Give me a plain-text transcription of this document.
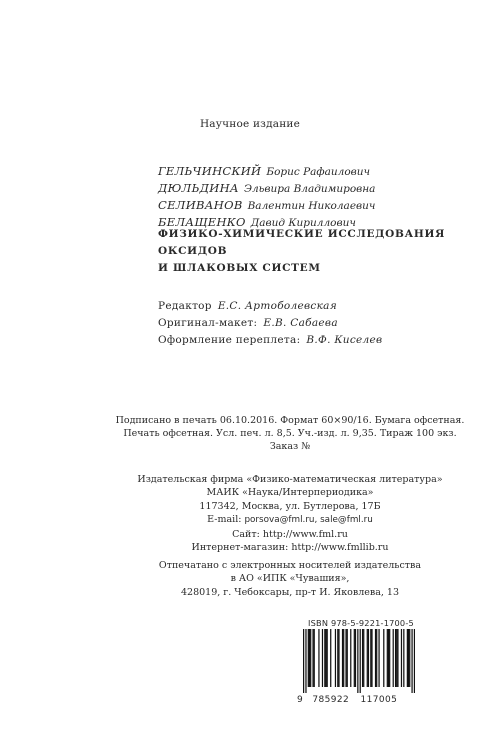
Научное издание
ГЕЛЬЧИНСКИЙ Борис Рафаилович
ДЮЛЬДИНА Эльвира Владимировна
СЕЛИВАНОВ Валентин Николаевич
БЕЛАЩЕНКО Давид Кириллович
ФИЗИКО-ХИМИЧЕСКИЕ ИССЛЕДОВАНИЯ ОКСИДОВ
И ШЛАКОВЫХ СИСТЕМ
Редактор Е.С. Артоболевская
Оригинал-макет: Е.В. Сабаева
Оформление переплета: В.Ф. Киселев
Подписано в печать 06.10.2016. Формат 60×90/16. Бумага офсетная.
Печать офсетная. Усл. печ. л. 8,5. Уч.-изд. л. 9,35. Тираж 100 экз.
Заказ №
Издательская фирма «Физико-математическая литература»
МАИК «Наука/Интерпериодика»
117342, Москва, ул. Бутлерова, 17Б
E-mail: porsova@fml.ru, sale@fml.ru
Сайт: http://www.fml.ru
Интернет-магазин: http://www.fmllib.ru
Отпечатано с электронных носителей издательства
в АО «ИПК «Чувашия»,
428019, г. Чебоксары, пр-т И. Яковлева, 13
ISBN 978-5-9221-1700-5
9 785922 117005
